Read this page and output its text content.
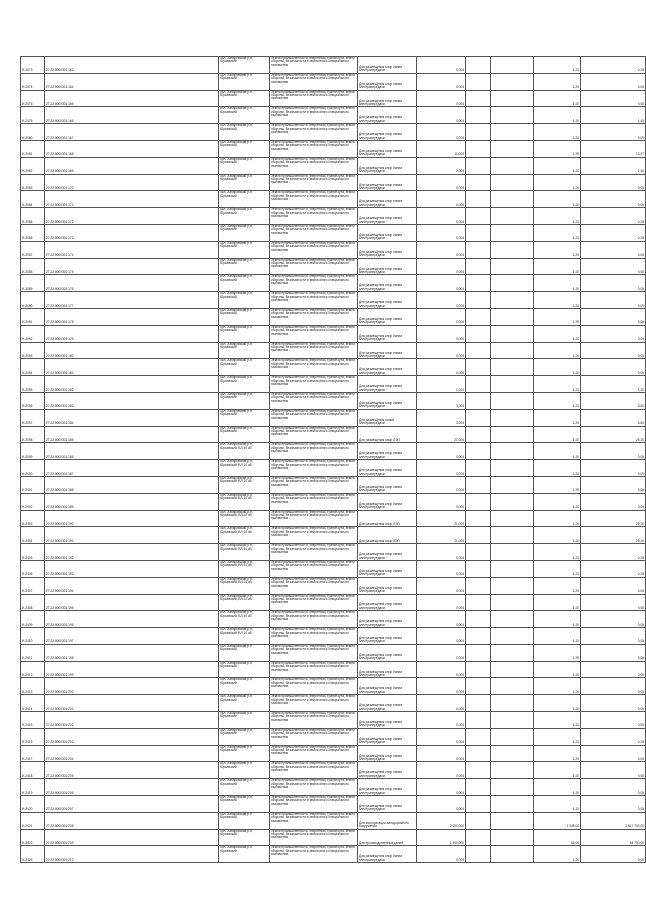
Н-2073	27:22:0000301:163		обл. Хабаровский р-н, Юрьевский	Земли промышленности, энергетики, транспорта, земли обороны, безопасности и земли иного специального назначения	Для размещения опор линии электропередачи	0,004			1,20	0,05
Н-2074	27:22:0000301:164		обл. Хабаровский р-н, Юрьевский	Земли промышленности, энергетики, транспорта, земли обороны, безопасности и земли иного специального назначения	Для размещения опор линии электропередачи	0,004			1,20	0,05
Н-2075	27:22:0000301:165		обл. Хабаровский р-н, Юрьевский	Земли промышленности, энергетики, транспорта, земли обороны, безопасности и земли иного специального назначения	Для размещения опор линии электропередачи	0,004			1,20	0,05
Н-2076	27:22:0000301:166		обл. Хабаровский р-н, Юрьевский	Земли промышленности, энергетики, транспорта, земли обороны, безопасности и земли иного специального назначения	Для размещения опор линии электропередачи	0,004			1,20	1,40
Н-2080	27:22:0000301:167		обл. Хабаровский р-н, Юрьевский	Земли промышленности, энергетики, транспорта, земли обороны, безопасности и земли иного специального назначения	Для размещения опор линии электропередачи	0,004			1,20	0,05
Н-2081	27:22:0000301:168		обл. Хабаровский р-н, Юрьевский	Земли промышленности, энергетики, транспорта, земли обороны, безопасности и земли иного специального назначения	Для размещения опор линии электропередачи	11,004			1,20	13,37
Н-2082	27:22:0000301:169		обл. Хабаровский р-н, Юрьевский	Земли промышленности, энергетики, транспорта, земли обороны, безопасности и земли иного специального назначения	Для размещения опор линии электропередачи	2,004			1,20	2,40
Н-2083	27:22:0000301:170		обл. Хабаровский р-н, Юрьевский	Земли промышленности, энергетики, транспорта, земли обороны, безопасности и земли иного специального назначения	Для размещения опор линии электропередачи	0,004			1,20	0,05
Н-2084	27:22:0000301:171		обл. Хабаровский р-н, Юрьевский	Земли промышленности, энергетики, транспорта, земли обороны, безопасности и земли иного специального назначения	Для размещения опор линии электропередачи	0,004			1,20	0,05
Н-2085	27:22:0000301:172		обл. Хабаровский р-н, Юрьевский	Земли промышленности, энергетики, транспорта, земли обороны, безопасности и земли иного специального назначения	Для размещения опор линии электропередачи	0,004			1,20	0,05
Н-2086	27:22:0000301:173		обл. Хабаровский р-н, Юрьевский	Земли промышленности, энергетики, транспорта, земли обороны, безопасности и земли иного специального назначения	Для размещения опор линии электропередачи	0,004			1,20	0,05
Н-2087	27:22:0000301:174		обл. Хабаровский р-н, Юрьевский	Земли промышленности, энергетики, транспорта, земли обороны, безопасности и земли иного специального назначения	Для размещения опор линии электропередачи	0,004			1,20	0,05
Н-2088	27:22:0000301:175		обл. Хабаровский р-н, Юрьевский	Земли промышленности, энергетики, транспорта, земли обороны, безопасности и земли иного специального назначения	Для размещения опор линии электропередачи	0,004			1,20	0,05
Н-2089	27:22:0000301:176		обл. Хабаровский р-н, Юрьевский	Земли промышленности, энергетики, транспорта, земли обороны, безопасности и земли иного специального назначения	Для размещения опор линии электропередачи	0,004			1,20	0,05
Н-2090	27:22:0000301:177		обл. Хабаровский р-н, Юрьевский	Земли промышленности, энергетики, транспорта, земли обороны, безопасности и земли иного специального назначения	Для размещения опор линии электропередачи	0,004			1,20	0,05
Н-2091	27:22:0000301:178		обл. Хабаровский р-н, Юрьевский	Земли промышленности, энергетики, транспорта, земли обороны, безопасности и земли иного специального назначения	Для размещения опор линии электропередачи	0,004			1,20	0,05
Н-2092	27:22:0000301:179		обл. Хабаровский р-н, Юрьевский	Земли промышленности, энергетики, транспорта, земли обороны, безопасности и земли иного специального назначения	Для размещения опор линии электропередачи	0,004			1,20	0,05
Н-2093	27:22:0000301:180		обл. Хабаровский р-н, Юрьевский	Земли промышленности, энергетики, транспорта, земли обороны, безопасности и земли иного специального назначения	Для размещения опор линии электропередачи	0,004			1,20	0,05
Н-2094	27:22:0000301:181		обл. Хабаровский р-н, Юрьевский	Земли промышленности, энергетики, транспорта, земли обороны, безопасности и земли иного специального назначения	Для размещения опор линии электропередачи	0,004			1,20	0,05
Н-2095	27:22:0000301:182		обл. Хабаровский р-н, Юрьевский	Земли промышленности, энергетики, транспорта, земли обороны, безопасности и земли иного специального назначения	Для размещения опор линии электропередачи	1,004			1,20	1,20
Н-2096	27:22:0000301:183		обл. Хабаровский р-н, Юрьевский	Земли промышленности, энергетики, транспорта, земли обороны, безопасности и земли иного специального назначения	Для размещения опор линии электропередачи	3,004			1,20	3,60
Н-2097	27:22:0000301:184		обл. Хабаровский р-н, Юрьевский	Земли промышленности, энергетики, транспорта, земли обороны, безопасности и земли иного специального назначения	Для размещения линий электропередачи	3,004			1,20	3,60
Н-2098	27:22:0000301:185		обл. Хабаровский р-н, Юрьевский	Земли промышленности, энергетики, транспорта, земли обороны, безопасности и земли иного специального назначения	Для размещения опор ЛЭП	21,004			1,20	25,20
Н-2099	27:22:0000301:186		обл. Хабаровский р-н, Юрьевский, ВЛ-10 кВ	Земли промышленности, энергетики, транспорта, земли обороны, безопасности и земли иного специального назначения	Для размещения опор линии электропередачи	0,004			1,20	0,05
Н-2400	27:22:0000301:187		обл. Хабаровский р-н, Юрьевский, ВЛ-10 кВ	Земли промышленности, энергетики, транспорта, земли обороны, безопасности и земли иного специального назначения	Для размещения опор линии электропередачи	0,004			1,20	0,05
Н-2401	27:22:0000301:188		обл. Хабаровский р-н, Юрьевский, ВЛ-10 кВ	Земли промышленности, энергетики, транспорта, земли обороны, безопасности и земли иного специального назначения	Для размещения опор линии электропередачи	0,004			1,20	0,05
Н-2402	27:22:0000301:189		обл. Хабаровский р-н, Юрьевский, ВЛ-10 кВ	Земли промышленности, энергетики, транспорта, земли обороны, безопасности и земли иного специального назначения	Для размещения опор линии электропередачи	0,004			1,20	0,05
Н-2403	27:22:0000301:190		обл. Хабаровский р-н, Юрьевский, ВЛ-10 кВ	Земли промышленности, энергетики, транспорта, земли обороны, безопасности и земли иного специального назначения	Для размещения опор ЛЭП	21,004			1,20	25,20
Н-2404	27:22:0000301:191		обл. Хабаровский р-н, Юрьевский, ВЛ-10 кВ	Земли промышленности, энергетики, транспорта, земли обороны, безопасности и земли иного специального назначения	Для размещения опор ЛЭП	21,004			1,20	25,20
Н-2405	27:22:0000301:192		обл. Хабаровский р-н, Юрьевский, ВЛ-10 кВ	Земли промышленности, энергетики, транспорта, земли обороны, безопасности и земли иного специального назначения	Для размещения опор линии электропередачи	0,004			1,20	0,05
Н-2406	27:22:0000301:193		обл. Хабаровский р-н, Юрьевский, ВЛ-10 кВ	Земли промышленности, энергетики, транспорта, земли обороны, безопасности и земли иного специального назначения	Для размещения опор линии электропередачи	0,004			1,20	0,05
Н-2407	27:22:0000301:194		обл. Хабаровский р-н, Юрьевский, ВЛ-10 кВ	Земли промышленности, энергетики, транспорта, земли обороны, безопасности и земли иного специального назначения	Для размещения опор линии электропередачи	0,004			1,20	0,05
Н-2408	27:22:0000301:195		обл. Хабаровский р-н, Юрьевский, ВЛ-10 кВ	Земли промышленности, энергетики, транспорта, земли обороны, безопасности и земли иного специального назначения	Для размещения опор линии электропередачи	0,004			1,20	0,05
Н-2409	27:22:0000301:196		обл. Хабаровский р-н, Юрьевский, ВЛ-10 кВ	Земли промышленности, энергетики, транспорта, земли обороны, безопасности и земли иного специального назначения	Для размещения опор линии электропередачи	0,004			1,20	0,05
Н-2410	27:22:0000301:197		обл. Хабаровский р-н, Юрьевский, ВЛ-10 кВ	Земли промышленности, энергетики, транспорта, земли обороны, безопасности и земли иного специального назначения	Для размещения опор линии электропередачи	0,004			1,20	0,05
Н-2411	27:22:0000301:198		обл. Хабаровский р-н, Юрьевский	Земли промышленности, энергетики, транспорта, земли обороны, безопасности и земли иного специального назначения	Для размещения опор линии электропередачи	0,004			1,20	0,05
Н-2412	27:22:0000301:199		обл. Хабаровский р-н, Юрьевский	Земли промышленности, энергетики, транспорта, земли обороны, безопасности и земли иного специального назначения	Для размещения опор линии электропередачи	0,004			1,20	0,05
Н-2413	27:22:0000301:200		обл. Хабаровский р-н, Юрьевский	Земли промышленности, энергетики, транспорта, земли обороны, безопасности и земли иного специального назначения	Для размещения опор линии электропередачи	0,004			1,20	0,05
Н-2414	27:22:0000301:201		обл. Хабаровский р-н, Юрьевский	Земли промышленности, энергетики, транспорта, земли обороны, безопасности и земли иного специального назначения	Для размещения опор линии электропередачи	0,004			1,20	0,05
Н-2415	27:22:0000301:202		обл. Хабаровский р-н, Юрьевский	Земли промышленности, энергетики, транспорта, земли обороны, безопасности и земли иного специального назначения	Для размещения опор линии электропередачи	0,004			1,20	0,05
Н-2416	27:22:0000301:203		обл. Хабаровский р-н, Юрьевский	Земли промышленности, энергетики, транспорта, земли обороны, безопасности и земли иного специального назначения	Для размещения опор линии электропередачи	0,004			1,20	0,05
Н-2417	27:22:0000301:204		обл. Хабаровский р-н, Юрьевский	Земли промышленности, энергетики, транспорта, земли обороны, безопасности и земли иного специального назначения	Для размещения опор линии электропередачи	0,004			1,20	0,05
Н-2418	27:22:0000301:205		обл. Хабаровский р-н, Юрьевский	Земли промышленности, энергетики, транспорта, земли обороны, безопасности и земли иного специального назначения	Для размещения опор линии электропередачи	0,004			1,20	0,05
Н-2419	27:22:0000301:206		обл. Хабаровский р-н, Юрьевский	Земли промышленности, энергетики, транспорта, земли обороны, безопасности и земли иного специального назначения	Для размещения опор линии электропередачи	0,004			1,20	0,05
Н-2420	27:22:0000301:207		обл. Хабаровский р-н, Юрьевский	Земли промышленности, энергетики, транспорта, земли обороны, безопасности и земли иного специального назначения	Для размещения опор линии электропередачи	0,004			1,20	0,05
Н-2421	27:22:0000301:208		обл. Хабаровский р-н, Юрьевский	Земли промышленности, энергетики, транспорта, земли обороны, безопасности и земли иного специального назначения	Для эксплуатации автодорожного сооружения	2 650,000			1 045,00	2 817 750,00
Н-2422	27:22:0000301:209		обл. Хабаровский р-н, Юрьевский	Земли промышленности, энергетики, транспорта, земли обороны, безопасности и земли иного специального назначения	Для производственных целей	1 400,000			46,00	64 750,00
Н-2423	27:22:0000301:210		обл. Хабаровский р-н, Юрьевский	Земли промышленности, энергетики, транспорта, земли обороны, безопасности и земли иного специального назначения	Для размещения опор линии электропередачи	0,004			1,20	0,05
